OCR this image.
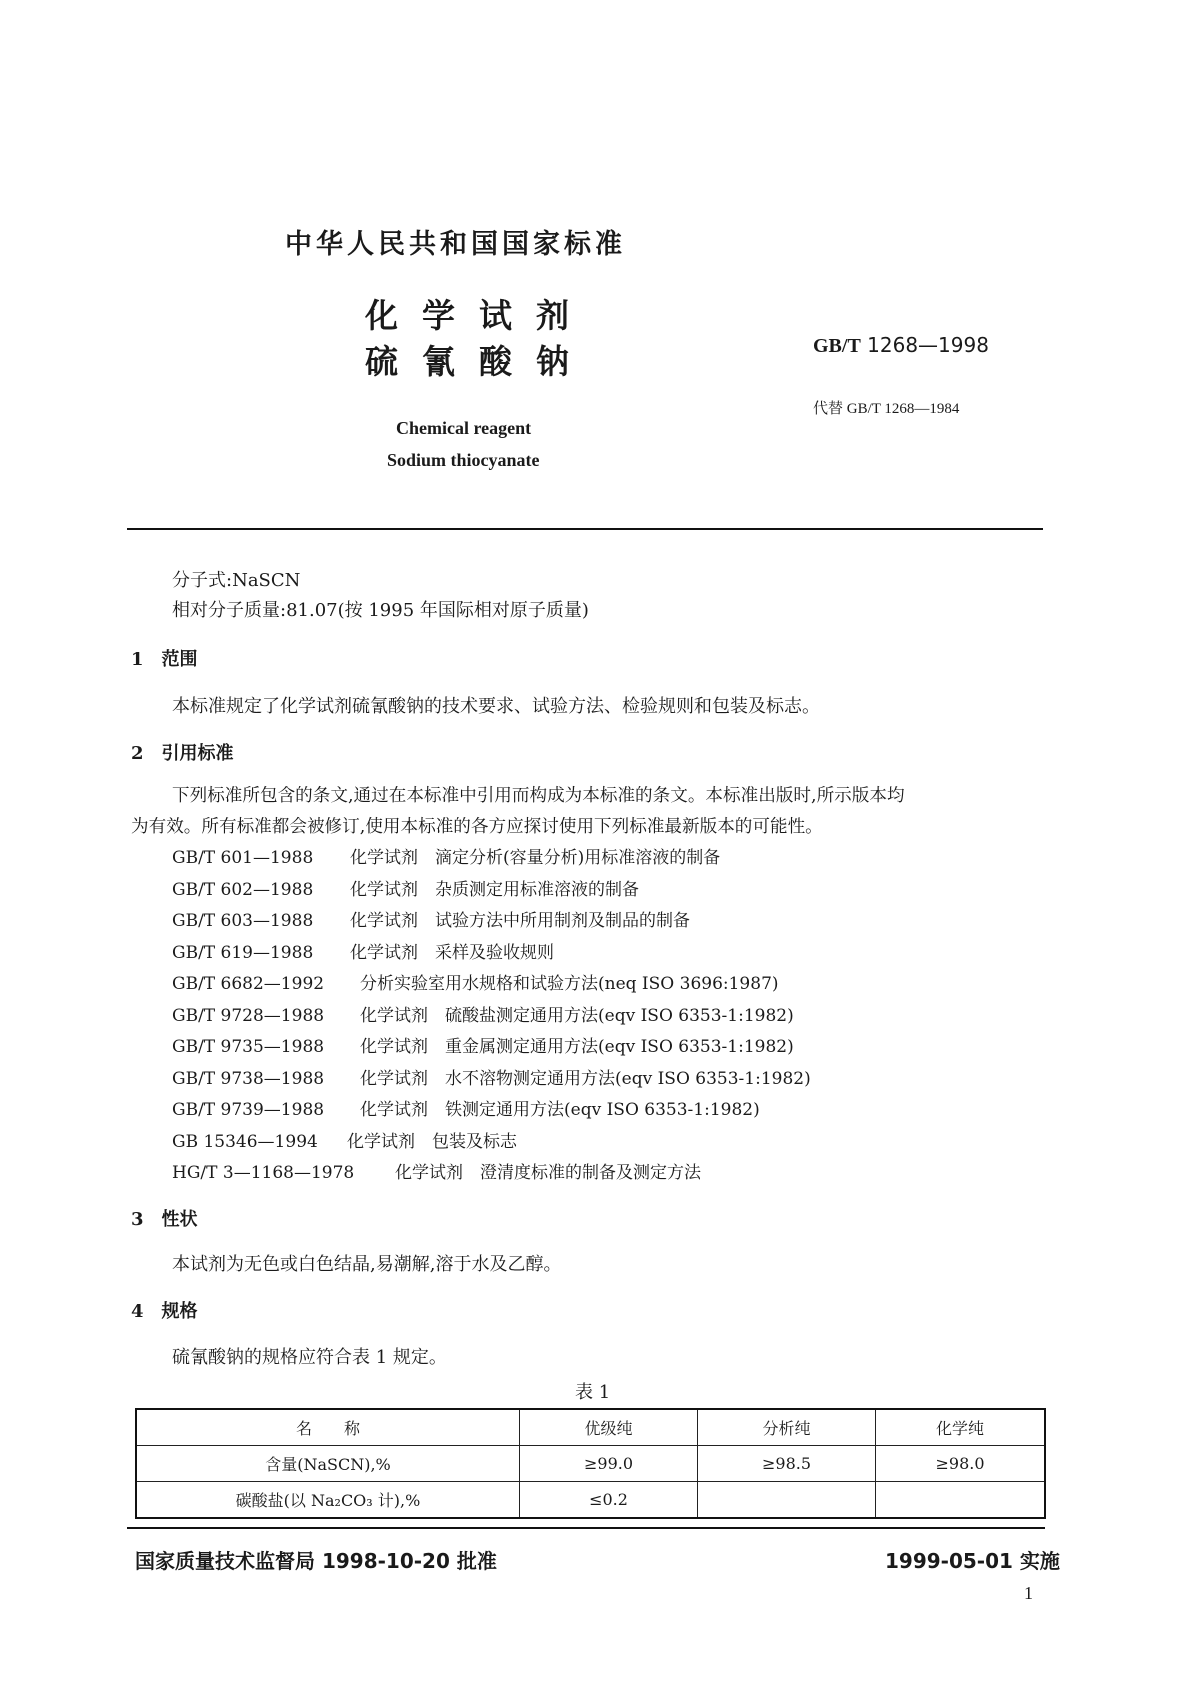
中华人民共和国国家标准
化学试剂
硫氰酸钠	GB/T 1268—1998
代替 GB/T 1268—1984
Chemical reagent
Sodium thiocyanate
分子式:NaSCN
相对分子质量:81.07(按 1995 年国际相对原子质量)
1 范围
本标准规定了化学试剂硫氰酸钠的技术要求、试验方法、检验规则和包装及标志。
2 引用标准
下列标准所包含的条文,通过在本标准中引用而构成为本标准的条文。本标准出版时,所示版本均
为有效。所有标准都会被修订,使用本标准的各方应探讨使用下列标准最新版本的可能性。
GB/T 601—1988	化学试剂　滴定分析(容量分析)用标准溶液的制备
GB/T 602—1988	化学试剂　杂质测定用标准溶液的制备
GB/T 603—1988	化学试剂　试验方法中所用制剂及制品的制备
GB/T 619—1988	化学试剂　采样及验收规则
GB/T 6682—1992	分析实验室用水规格和试验方法(neq ISO 3696:1987)
GB/T 9728—1988	化学试剂　硫酸盐测定通用方法(eqv ISO 6353-1:1982)
GB/T 9735—1988	化学试剂　重金属测定通用方法(eqv ISO 6353-1:1982)
GB/T 9738—1988	化学试剂　水不溶物测定通用方法(eqv ISO 6353-1:1982)
GB/T 9739—1988	化学试剂　铁测定通用方法(eqv ISO 6353-1:1982)
GB 15346—1994	化学试剂　包装及标志
HG/T 3—1168—1978	化学试剂　澄清度标准的制备及测定方法
3 性状
本试剂为无色或白色结晶,易潮解,溶于水及乙醇。
4 规格
硫氰酸钠的规格应符合表 1 规定。
表 1
名　　称	优级纯	分析纯	化学纯
含量(NaSCN),%	≥99.0	≥98.5	≥98.0
碳酸盐(以 Na₂CO₃ 计),%	≤0.2		
国家质量技术监督局 1998-10-20 批准	1999-05-01 实施
1
